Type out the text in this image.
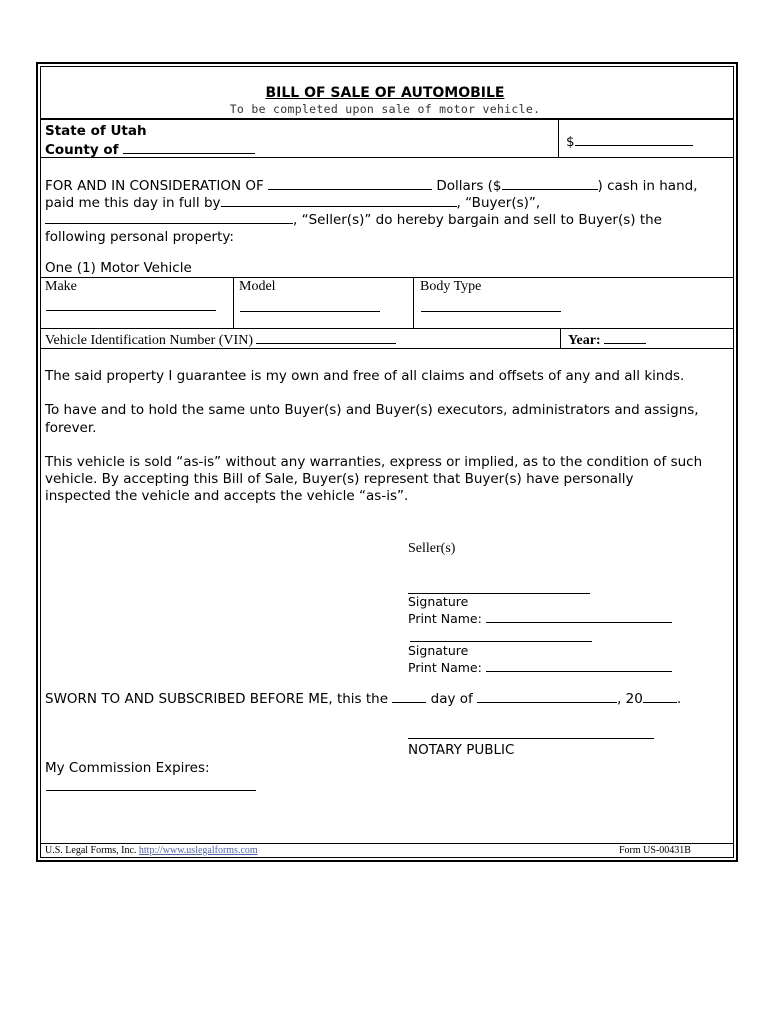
BILL OF SALE OF AUTOMOBILE
To be completed upon sale of motor vehicle.
State of Utah
County of	$
FOR AND IN CONSIDERATION OF	Dollars ($	) cash in hand,
paid me this day in full by	, “Buyer(s)”,
, “Seller(s)” do hereby bargain and sell to Buyer(s) the
following personal property:
One (1) Motor Vehicle
Make	Model	Body Type
Vehicle Identification Number (VIN)	Year:
The said property I guarantee is my own and free of all claims and offsets of any and all kinds.
To have and to hold the same unto Buyer(s) and Buyer(s) executors, administrators and assigns,
forever.
This vehicle is sold “as-is” without any warranties, express or implied, as to the condition of such
vehicle. By accepting this Bill of Sale, Buyer(s) represent that Buyer(s) have personally
inspected the vehicle and accepts the vehicle “as-is”.
Seller(s)
Signature
Print Name:
Signature
Print Name:
SWORN TO AND SUBSCRIBED BEFORE ME, this the	day of	, 20	.
NOTARY PUBLIC
My Commission Expires:
U.S. Legal Forms, Inc. http://www.uslegalforms.com	Form US-00431B
